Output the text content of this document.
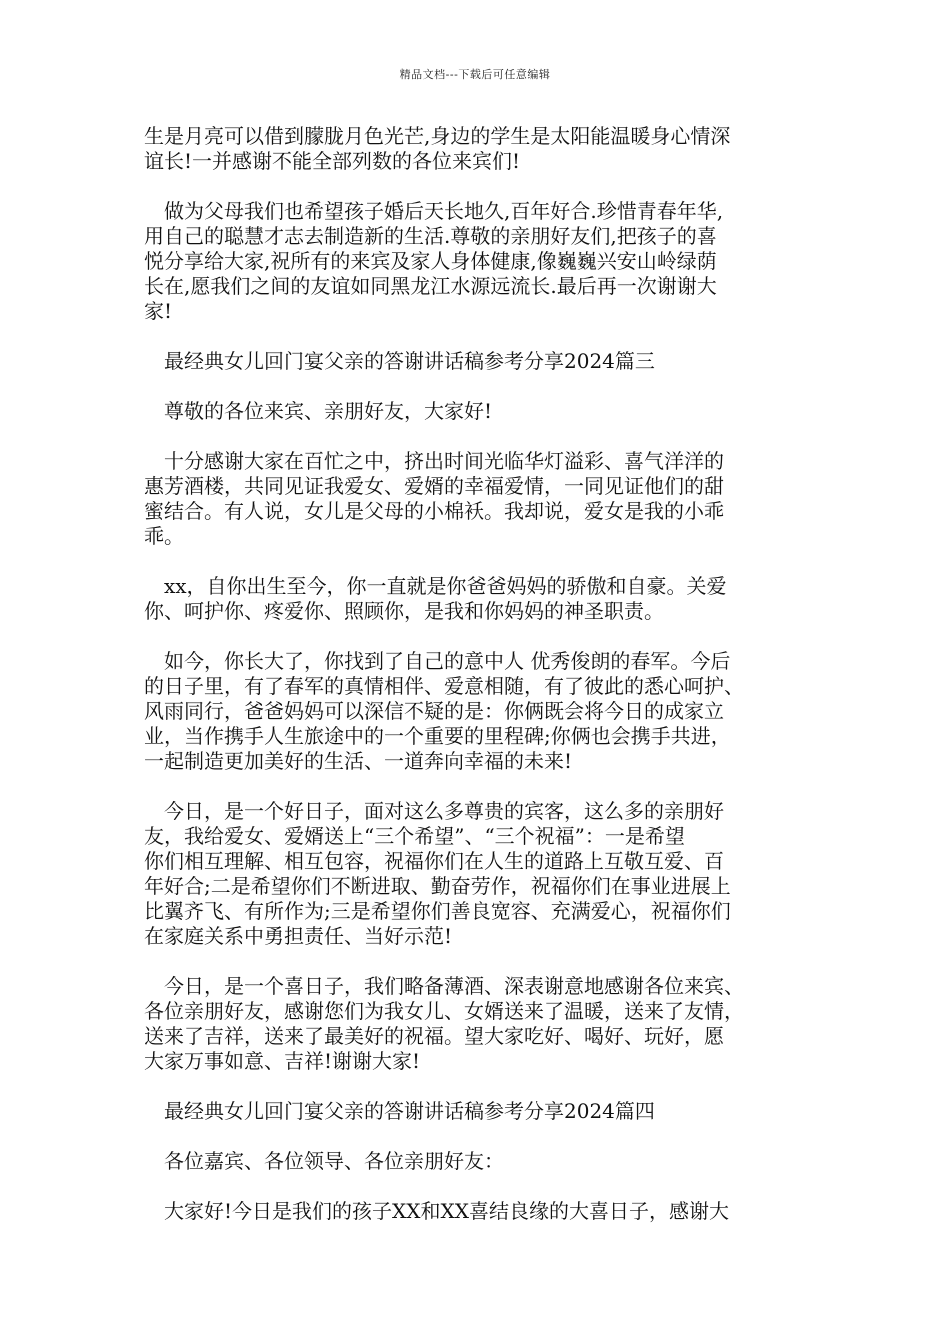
精品文档---下载后可任意编辑

生是月亮可以借到朦胧月色光芒,身边的学生是太阳能温暖身心情深
谊长!一并感谢不能全部列数的各位来宾们!

　做为父母我们也希望孩子婚后天长地久,百年好合.珍惜青春年华,
用自己的聪慧才志去制造新的生活.尊敬的亲朋好友们,把孩子的喜
悦分享给大家,祝所有的来宾及家人身体健康,像巍巍兴安山岭绿荫
长在,愿我们之间的友谊如同黑龙江水源远流长.最后再一次谢谢大
家!

　最经典女儿回门宴父亲的答谢讲话稿参考分享2024篇三

　尊敬的各位来宾、亲朋好友，大家好!

　十分感谢大家在百忙之中，挤出时间光临华灯溢彩、喜气洋洋的
惠芳酒楼，共同见证我爱女、爱婿的幸福爱情，一同见证他们的甜
蜜结合。有人说，女儿是父母的小棉袄。我却说，爱女是我的小乖
乖。

　xx，自你出生至今，你一直就是你爸爸妈妈的骄傲和自豪。关爱
你、呵护你、疼爱你、照顾你，是我和你妈妈的神圣职责。

　如今，你长大了，你找到了自己的意中人 优秀俊朗的春军。今后
的日子里，有了春军的真情相伴、爱意相随，有了彼此的悉心呵护、
风雨同行，爸爸妈妈可以深信不疑的是：你俩既会将今日的成家立
业，当作携手人生旅途中的一个重要的里程碑;你俩也会携手共进，
一起制造更加美好的生活、一道奔向幸福的未来!

　今日，是一个好日子，面对这么多尊贵的宾客，这么多的亲朋好
友，我给爱女、爱婿送上“三个希望”、“三个祝福”：一是希望
你们相互理解、相互包容，祝福你们在人生的道路上互敬互爱、百
年好合;二是希望你们不断进取、勤奋劳作，祝福你们在事业进展上
比翼齐飞、有所作为;三是希望你们善良宽容、充满爱心，祝福你们
在家庭关系中勇担责任、当好示范!

　今日，是一个喜日子，我们略备薄酒、深表谢意地感谢各位来宾、
各位亲朋好友，感谢您们为我女儿、女婿送来了温暖，送来了友情，
送来了吉祥，送来了最美好的祝福。望大家吃好、喝好、玩好，愿
大家万事如意、吉祥!谢谢大家!

　最经典女儿回门宴父亲的答谢讲话稿参考分享2024篇四

　各位嘉宾、各位领导、各位亲朋好友：

　大家好!今日是我们的孩子XX和XX喜结良缘的大喜日子，感谢大
